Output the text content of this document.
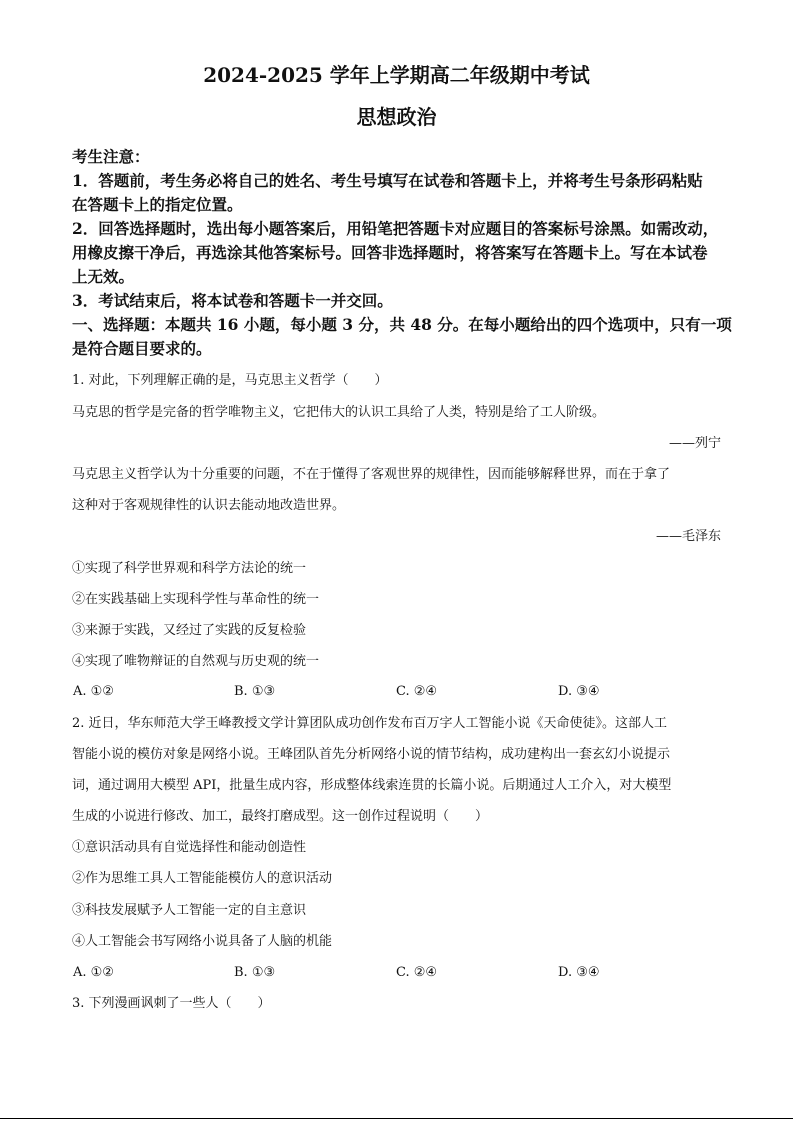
2024-2025 学年上学期高二年级期中考试
思想政治

考生注意：

1．答题前，考生务必将自己的姓名、考生号填写在试卷和答题卡上，并将考生号条形码粘贴

在答题卡上的指定位置。

2．回答选择题时，选出每小题答案后，用铅笔把答题卡对应题目的答案标号涂黑。如需改动，

用橡皮擦干净后，再选涂其他答案标号。回答非选择题时，将答案写在答题卡上。写在本试卷

上无效。

3．考试结束后，将本试卷和答题卡一并交回。

一、选择题：本题共 16 小题，每小题 3 分，共 48 分。在每小题给出的四个选项中，只有一项

是符合题目要求的。

1. 对此，下列理解正确的是，马克思主义哲学（　　）
马克思的哲学是完备的哲学唯物主义，它把伟大的认识工具给了人类，特别是给了工人阶级。
——列宁
马克思主义哲学认为十分重要的问题，不在于懂得了客观世界的规律性，因而能够解释世界，而在于拿了
这种对于客观规律性的认识去能动地改造世界。
——毛泽东
①实现了科学世界观和科学方法论的统一
②在实践基础上实现科学性与革命性的统一
③来源于实践，又经过了实践的反复检验
④实现了唯物辩证的自然观与历史观的统一
A. ①②	B. ①③	C. ②④	D. ③④
2. 近日，华东师范大学王峰教授文学计算团队成功创作发布百万字人工智能小说《天命使徒》。这部人工
智能小说的模仿对象是网络小说。王峰团队首先分析网络小说的情节结构，成功建构出一套玄幻小说提示
词，通过调用大模型 API，批量生成内容，形成整体线索连贯的长篇小说。后期通过人工介入，对大模型
生成的小说进行修改、加工，最终打磨成型。这一创作过程说明（　　）
①意识活动具有自觉选择性和能动创造性
②作为思维工具人工智能能模仿人的意识活动
③科技发展赋予人工智能一定的自主意识
④人工智能会书写网络小说具备了人脑的机能
A. ①②	B. ①③	C. ②④	D. ③④
3. 下列漫画讽刺了一些人（　　）
